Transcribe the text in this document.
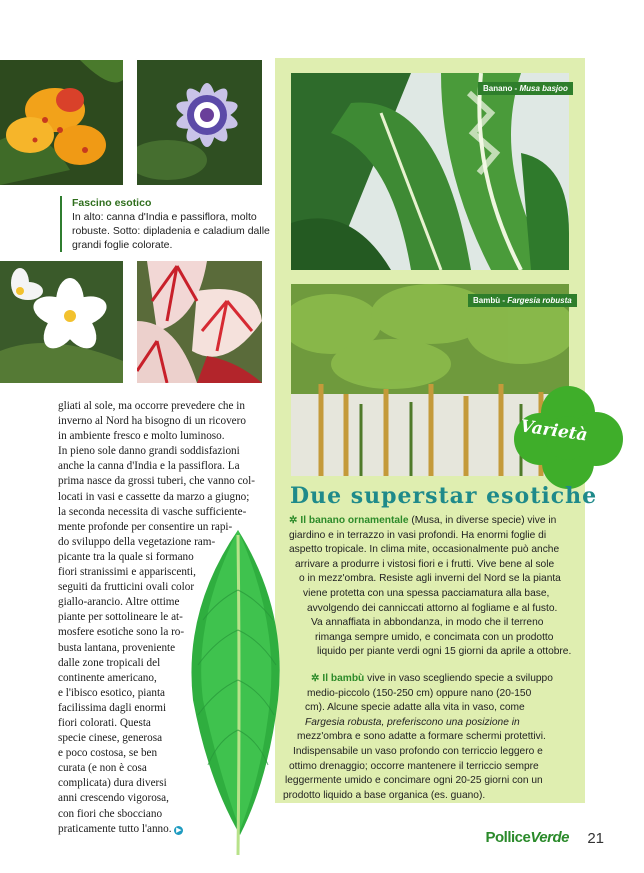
Fascino esotico
In alto: canna d'India e passiflora, molto
robuste. Sotto: dipladenia e caladium dalle
grandi foglie colorate.

gliati al sole, ma occorre prevedere che in
inverno al Nord ha bisogno di un ricovero
in ambiente fresco e molto luminoso.
In pieno sole danno grandi soddisfazioni
anche la canna d'India e la passiflora. La
prima nasce da grossi tuberi, che vanno col-
locati in vasi e cassette da marzo a giugno;
la seconda necessita di vasche sufficiente-
mente profonde per consentire un rapi-
do sviluppo della vegetazione ram-
picante tra la quale si formano
fiori stranissimi e appariscenti,
seguiti da frutticini ovali color
giallo-arancio. Altre ottime
piante per sottolineare le at-
mosfere esotiche sono la ro-
busta lantana, proveniente
dalle zone tropicali del
continente americano,
e l'ibisco esotico, pianta
facilissima dagli enormi
fiori colorati. Questa
specie cinese, generosa
e poco costosa, se ben
curata (e non è cosa
complicata) dura diversi
anni crescendo vigorosa,
con fiori che sbocciano
praticamente tutto l'anno. ▶

Banano - Musa basjoo
Bambù - Fargesia robusta
Varietà
Due superstar esotiche
✲ Il banano ornamentale (Musa, in diverse specie) vive in
giardino e in terrazzo in vasi profondi. Ha enormi foglie di
aspetto tropicale. In clima mite, occasionalmente può anche
arrivare a produrre i vistosi fiori e i frutti. Vive bene al sole
o in mezz'ombra. Resiste agli inverni del Nord se la pianta
viene protetta con una spessa pacciamatura alla base,
avvolgendo dei canniccati attorno al fogliame e al fusto.
Va annaffiata in abbondanza, in modo che il terreno
rimanga sempre umido, e concimata con un prodotto
liquido per piante verdi ogni 15 giorni da aprile a ottobre.
✲ Il bambù vive in vaso scegliendo specie a sviluppo
medio-piccolo (150-250 cm) oppure nano (20-150
cm). Alcune specie adatte alla vita in vaso, come
Fargesia robusta, preferiscono una posizione in
mezz'ombra e sono adatte a formare schermi protettivi.
Indispensabile un vaso profondo con terriccio leggero e
ottimo drenaggio; occorre mantenere il terriccio sempre
leggermente umido e concimare ogni 20-25 giorni con un
prodotto liquido a base organica (es. guano).
PolliceVerde 21
